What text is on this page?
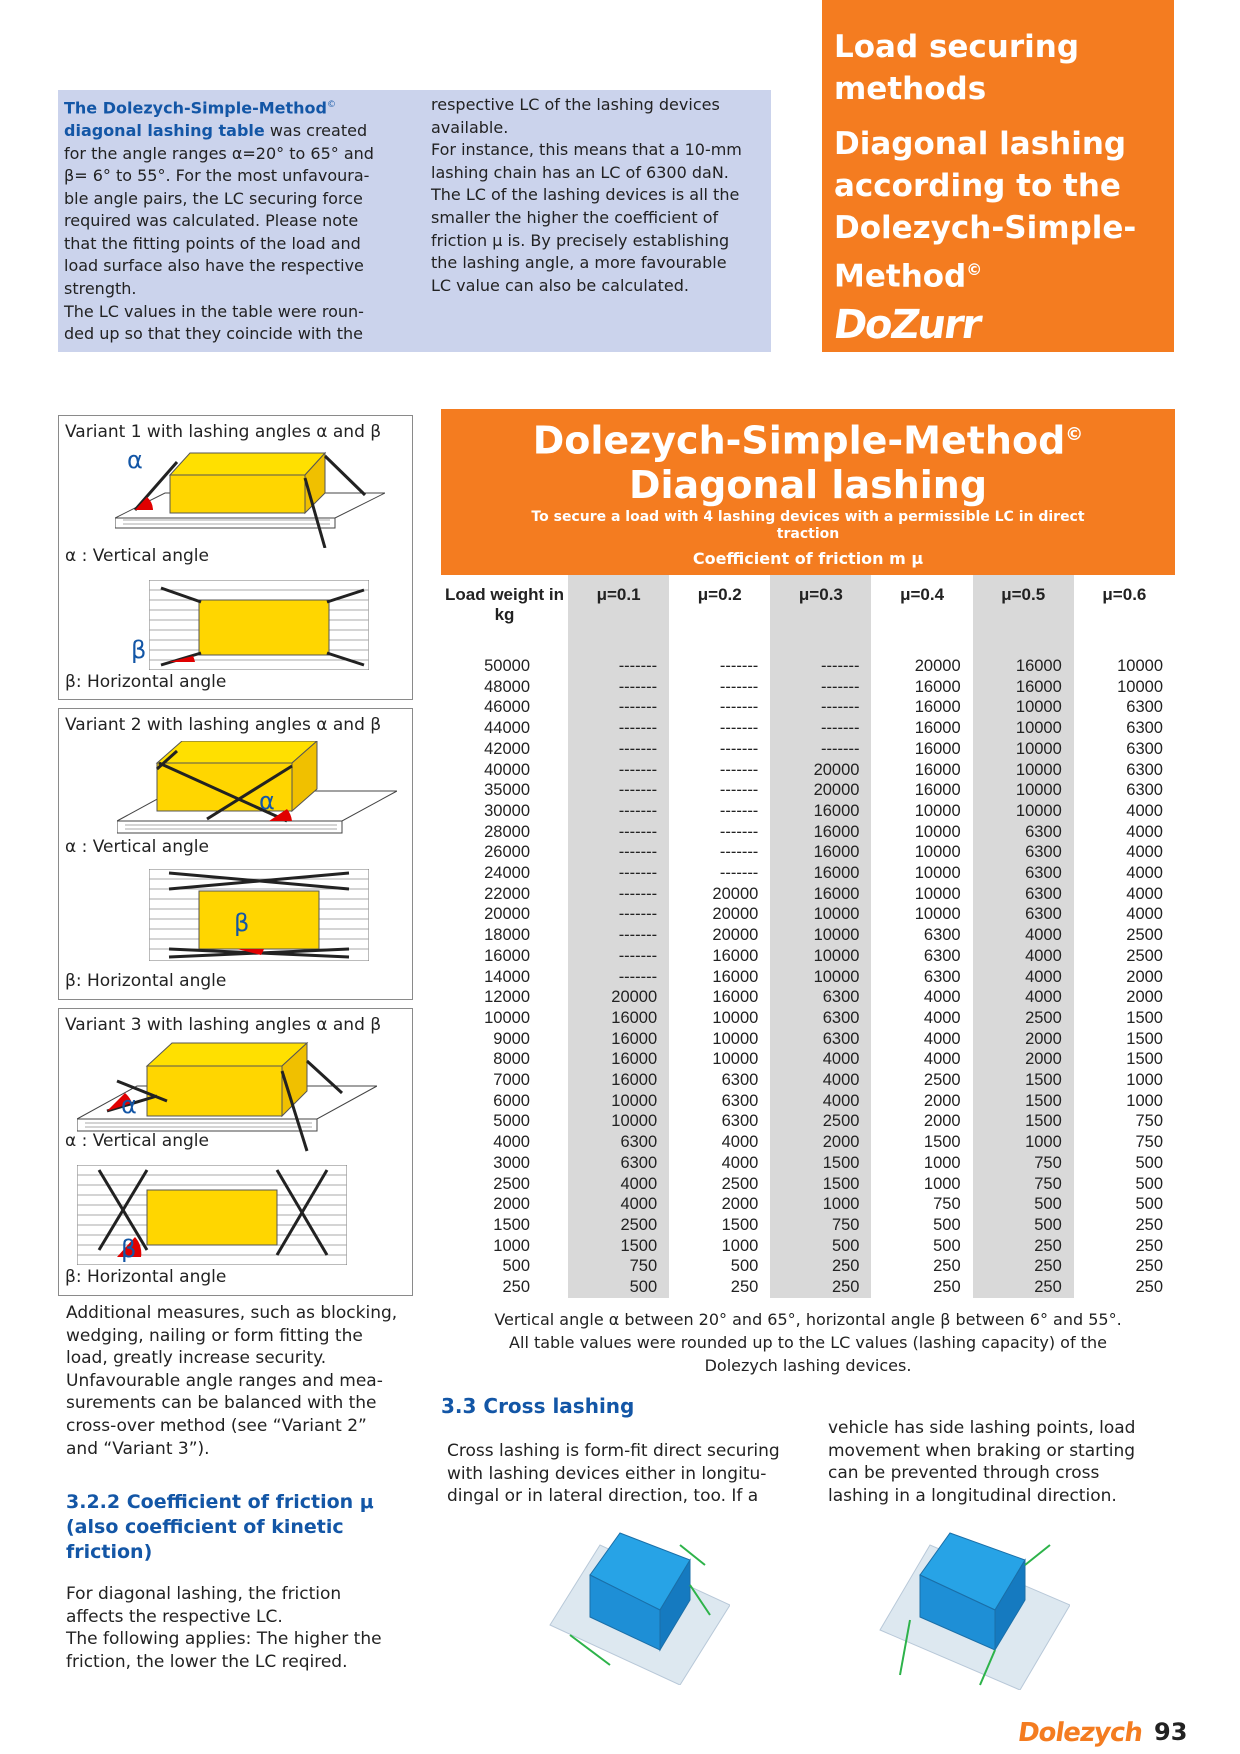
The Dolezych-Simple-Method©
diagonal lashing table was created
for the angle ranges α=20° to 65° and
β= 6° to 55°. For the most unfavoura-
ble angle pairs, the LC securing force
required was calculated. Please note
that the fitting points of the load and
load surface also have the respective
strength.
The LC values in the table were roun-
ded up so that they coincide with the
respective LC of the lashing devices
available.
For instance, this means that a 10-mm
lashing chain has an LC of 6300 daN.
The LC of the lashing devices is all the
smaller the higher the coefficient of
friction μ is. By precisely establishing
the lashing angle, a more favourable
LC value can also be calculated.
Load securing
methods
Diagonal lashing
according to the
Dolezych-Simple-
Method©
DoZurr
Variant 1 with lashing angles α and β
α
α : Vertical angle
β
β: Horizontal angle
Variant 2 with lashing angles α and β
α
α : Vertical angle
β
β: Horizontal angle
Variant 3 with lashing angles α and β
α
α : Vertical angle
β
β: Horizontal angle
Additional measures, such as blocking,
wedging, nailing or form fitting the
load, greatly increase security.
Unfavourable angle ranges and mea-
surements can be balanced with the
cross-over method (see “Variant 2”
and “Variant 3”).
3.2.2 Coefficient of friction μ
(also coefficient of kinetic
friction)
For diagonal lashing, the friction
affects the respective LC.
The following applies: The higher the
friction, the lower the LC reqired.
Dolezych-Simple-Method©
Diagonal lashing
To secure a load with 4 lashing devices with a permissible LC in direct traction
Coefficient of friction m μ
Load weight in kg	μ=0.1	μ=0.2	μ=0.3	μ=0.4	μ=0.5	μ=0.6

50000	-------	-------	-------	20000	16000	10000
48000	-------	-------	-------	16000	16000	10000
46000	-------	-------	-------	16000	10000	6300
44000	-------	-------	-------	16000	10000	6300
42000	-------	-------	-------	16000	10000	6300
40000	-------	-------	20000	16000	10000	6300
35000	-------	-------	20000	16000	10000	6300
30000	-------	-------	16000	10000	10000	4000
28000	-------	-------	16000	10000	6300	4000
26000	-------	-------	16000	10000	6300	4000
24000	-------	-------	16000	10000	6300	4000
22000	-------	20000	16000	10000	6300	4000
20000	-------	20000	10000	10000	6300	4000
18000	-------	20000	10000	6300	4000	2500
16000	-------	16000	10000	6300	4000	2500
14000	-------	16000	10000	6300	4000	2000
12000	20000	16000	6300	4000	4000	2000
10000	16000	10000	6300	4000	2500	1500
9000	16000	10000	6300	4000	2000	1500
8000	16000	10000	4000	4000	2000	1500
7000	16000	6300	4000	2500	1500	1000
6000	10000	6300	4000	2000	1500	1000
5000	10000	6300	2500	2000	1500	750
4000	6300	4000	2000	1500	1000	750
3000	6300	4000	1500	1000	750	500
2500	4000	2500	1500	1000	750	500
2000	4000	2000	1000	750	500	500
1500	2500	1500	750	500	500	250
1000	1500	1000	500	500	250	250
500	750	500	250	250	250	250
250	500	250	250	250	250	250
Vertical angle α between 20° and 65°, horizontal angle β between 6° and 55°.
All table values were rounded up to the LC values (lashing capacity) of the
Dolezych lashing devices.
3.3 Cross lashing
Cross lashing is form-fit direct securing
with lashing devices either in longitu-
dingal or in lateral direction, too. If a
vehicle has side lashing points, load
movement when braking or starting
can be prevented through cross
lashing in a longitudinal direction.
Dolezych 93
